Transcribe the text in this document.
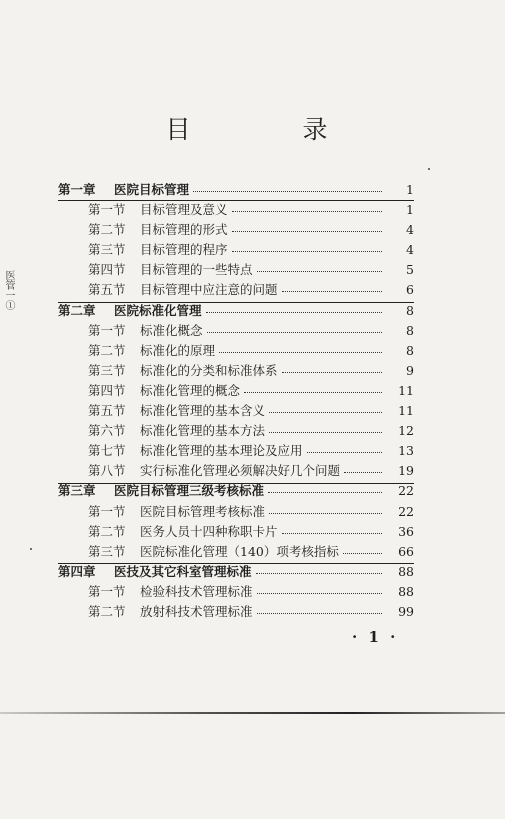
目 录
医管一①
第一章	医院目标管理	1
第一节	目标管理及意义	1
第二节	目标管理的形式	4
第三节	目标管理的程序	4
第四节	目标管理的一些特点	5
第五节	目标管理中应注意的问题	6
第二章	医院标准化管理	8
第一节	标准化概念	8
第二节	标准化的原理	8
第三节	标准化的分类和标准体系	9
第四节	标准化管理的概念	11
第五节	标准化管理的基本含义	11
第六节	标准化管理的基本方法	12
第七节	标准化管理的基本理论及应用	13
第八节	实行标准化管理必须解决好几个问题	19
第三章	医院目标管理三级考核标准	22
第一节	医院目标管理考核标准	22
第二节	医务人员十四种称职卡片	36
第三节	医院标准化管理（140）项考核指标	66
第四章	医技及其它科室管理标准	88
第一节	检验科技术管理标准	88
第二节	放射科技术管理标准	99
· 1 ·
